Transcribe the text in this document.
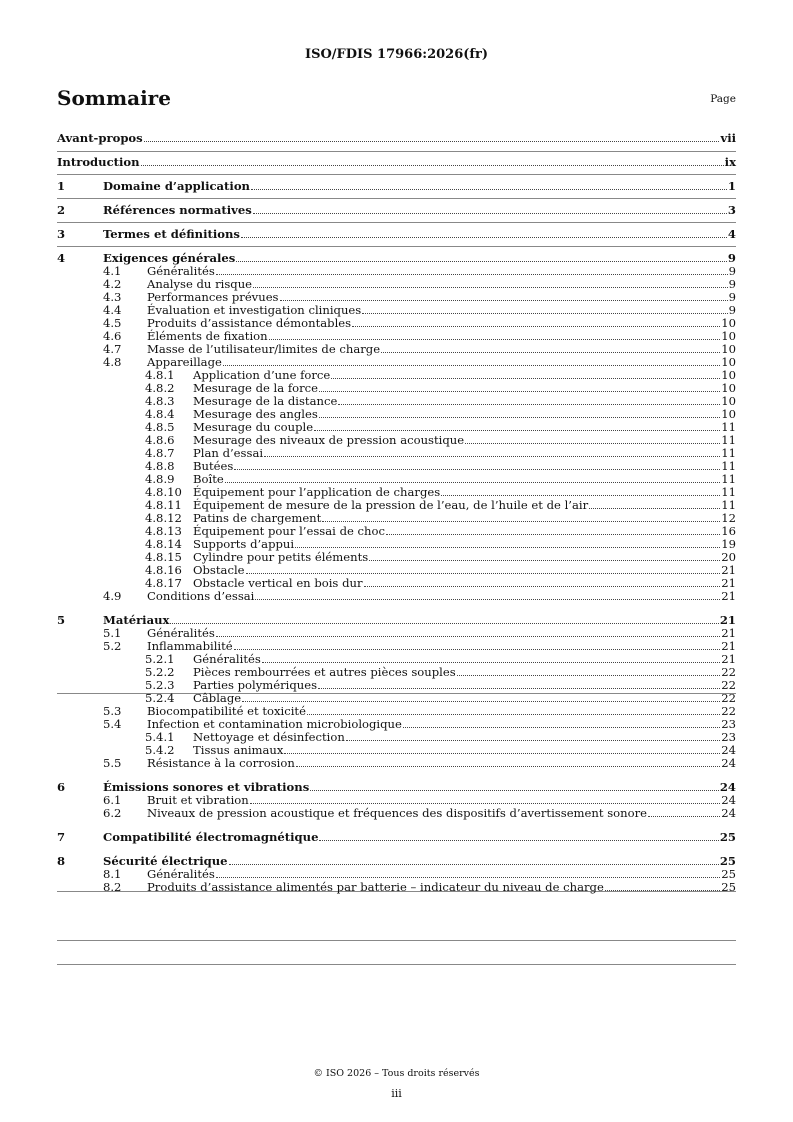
ISO/FDIS 17966:2026(fr)
Sommaire	Page
Avant-propos	vii
Introduction	ix
1	Domaine d’application	1
2	Références normatives	3
3	Termes et définitions	4
4	Exigences générales	9
4.1 Généralités	9
4.2 Analyse du risque	9
4.3 Performances prévues	9
4.4 Évaluation et investigation cliniques	9
4.5 Produits d’assistance démontables	10
4.6 Éléments de fixation	10
4.7 Masse de l’utilisateur/limites de charge	10
4.8 Appareillage	10
4.8.1 Application d’une force	10
4.8.2 Mesurage de la force	10
4.8.3 Mesurage de la distance	10
4.8.4 Mesurage des angles	10
4.8.5 Mesurage du couple	11
4.8.6 Mesurage des niveaux de pression acoustique	11
4.8.7 Plan d’essai	11
4.8.8 Butées	11
4.8.9 Boîte	11
4.8.10 Équipement pour l’application de charges	11
4.8.11 Équipement de mesure de la pression de l’eau, de l’huile et de l’air	11
4.8.12 Patins de chargement	12
4.8.13 Équipement pour l’essai de choc	16
4.8.14 Supports d’appui	19
4.8.15 Cylindre pour petits éléments	20
4.8.16 Obstacle	21
4.8.17 Obstacle vertical en bois dur	21
4.9 Conditions d’essai	21
5	Matériaux	21
5.1 Généralités	21
5.2 Inflammabilité	21
5.2.1 Généralités	21
5.2.2 Pièces rembourrées et autres pièces souples	22
5.2.3 Parties polymériques	22
5.2.4 Câblage	22
5.3 Biocompatibilité et toxicité	22
5.4 Infection et contamination microbiologique	23
5.4.1 Nettoyage et désinfection	23
5.4.2 Tissus animaux	24
5.5 Résistance à la corrosion	24
6	Émissions sonores et vibrations	24
6.1 Bruit et vibration	24
6.2 Niveaux de pression acoustique et fréquences des dispositifs d’avertissement sonore	24
7	Compatibilité électromagnétique	25
8	Sécurité électrique	25
8.1 Généralités	25
8.2 Produits d’assistance alimentés par batterie – indicateur du niveau de charge	25
© ISO 2026 – Tous droits réservés
iii
